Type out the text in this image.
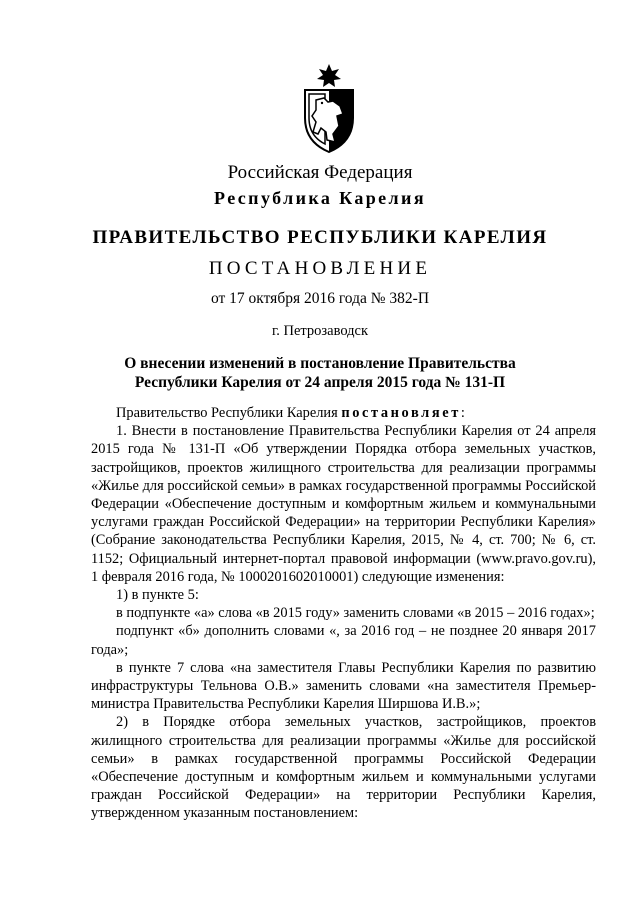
Российская Федерация
Республика Карелия
ПРАВИТЕЛЬСТВО РЕСПУБЛИКИ КАРЕЛИЯ
ПОСТАНОВЛЕНИЕ
от 17 октября 2016 года № 382-П
г. Петрозаводск
О внесении изменений в постановление Правительства
Республики Карелия от 24 апреля 2015 года № 131-П

Правительство Республики Карелия постановляет:

1. Внести в постановление Правительства Республики Карелия от 24 апреля 2015 года № 131-П «Об утверждении Порядка отбора земельных участков, застройщиков, проектов жилищного строительства для реализации программы «Жилье для российской семьи» в рамках государственной программы Российской Федерации «Обеспечение доступным и комфортным жильем и коммунальными услугами граждан Российской Федерации» на территории Республики Карелия» (Собрание законодательства Республики Карелия, 2015, № 4, ст. 700; № 6, ст. 1152; Официальный интернет-портал правовой информации (www.pravo.gov.ru), 1 февраля 2016 года, № 1000201602010001) следующие изменения:

1) в пункте 5:

в подпункте «а» слова «в 2015 году» заменить словами «в 2015 – 2016 годах»;

подпункт «б» дополнить словами «, за 2016 год – не позднее 20 января 2017 года»;

в пункте 7 слова «на заместителя Главы Республики Карелия по развитию инфраструктуры Тельнова О.В.» заменить словами «на заместителя Премьер-министра Правительства Республики Карелия Ширшова И.В.»;

2) в Порядке отбора земельных участков, застройщиков, проектов жилищного строительства для реализации программы «Жилье для российской семьи» в рамках государственной программы Российской Федерации «Обеспечение доступным и комфортным жильем и коммунальными услугами граждан Российской Федерации» на территории Республики Карелия, утвержденном указанным постановлением:
